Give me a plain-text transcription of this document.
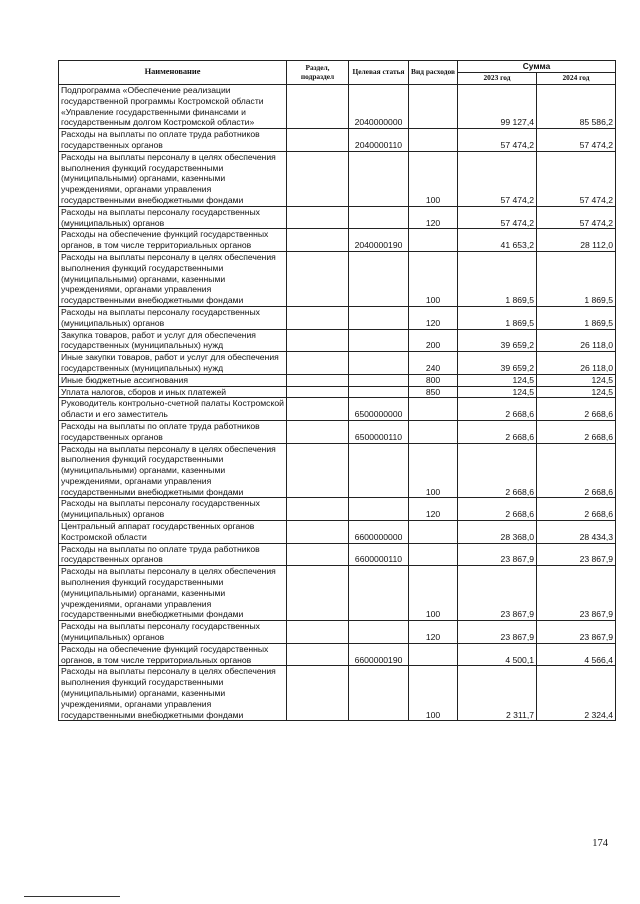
Наименование	Раздел, подраздел	Целевая статья	Вид расходов	Сумма	
				2023 год	2024 год
Подпрограмма «Обеспечение реализации государственной программы Костромской области «Управление государственными финансами и государственным долгом Костромской области»		2040000000		99 127,4	85 586,2
Расходы на выплаты по оплате труда работников государственных органов		2040000110		57 474,2	57 474,2
Расходы на выплаты персоналу в целях обеспечения выполнения функций государственными (муниципальными) органами, казенными учреждениями, органами управления государственными внебюджетными фондами			100	57 474,2	57 474,2
Расходы на выплаты персоналу государственных (муниципальных) органов			120	57 474,2	57 474,2
Расходы на обеспечение функций государственных органов, в том числе территориальных органов		2040000190		41 653,2	28 112,0
Расходы на выплаты персоналу в целях обеспечения выполнения функций государственными (муниципальными) органами, казенными учреждениями, органами управления государственными внебюджетными фондами			100	1 869,5	1 869,5
Расходы на выплаты персоналу государственных (муниципальных) органов			120	1 869,5	1 869,5
Закупка товаров, работ и услуг для обеспечения государственных (муниципальных) нужд			200	39 659,2	26 118,0
Иные закупки товаров, работ и услуг для обеспечения государственных (муниципальных) нужд			240	39 659,2	26 118,0
Иные бюджетные ассигнования			800	124,5	124,5
Уплата налогов, сборов и иных платежей			850	124,5	124,5
Руководитель контрольно-счетной палаты Костромской области и его заместитель		6500000000		2 668,6	2 668,6
Расходы на выплаты по оплате труда работников государственных органов		6500000110		2 668,6	2 668,6
Расходы на выплаты персоналу в целях обеспечения выполнения функций государственными (муниципальными) органами, казенными учреждениями, органами управления государственными внебюджетными фондами			100	2 668,6	2 668,6
Расходы на выплаты персоналу государственных (муниципальных) органов			120	2 668,6	2 668,6
Центральный аппарат государственных органов Костромской области		6600000000		28 368,0	28 434,3
Расходы на выплаты по оплате труда работников государственных органов		6600000110		23 867,9	23 867,9
Расходы на выплаты персоналу в целях обеспечения выполнения функций государственными (муниципальными) органами, казенными учреждениями, органами управления государственными внебюджетными фондами			100	23 867,9	23 867,9
Расходы на выплаты персоналу государственных (муниципальных) органов			120	23 867,9	23 867,9
Расходы на обеспечение функций государственных органов, в том числе территориальных органов		6600000190		4 500,1	4 566,4
Расходы на выплаты персоналу в целях обеспечения выполнения функций государственными (муниципальными) органами, казенными учреждениями, органами управления государственными внебюджетными фондами			100	2 311,7	2 324,4
174
